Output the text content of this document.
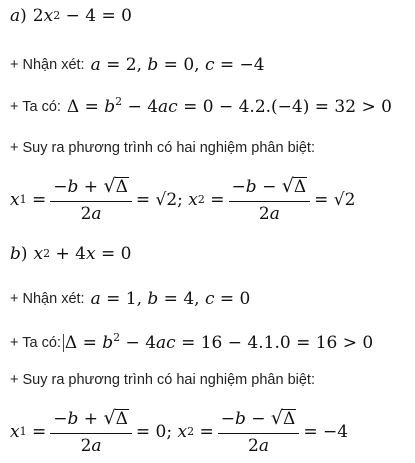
a ) 2 x 2 − 4 = 0
+ Nhận xét: a = 2, b = 0, c = −4
+ Ta có: $\Delta = b^2 - 4ac = 0 - 4.2.(-4) = 32 > 0$
+ Suy ra phương trình có hai nghiệm phân biệt:
x $1 = \frac{-b + √ \Delta}{2a} = √2$ ; x $2 = \frac{-b - √ \Delta}{2a} = √2$
b ) x 2 + 4 x = 0
+ Nhận xét: a = 1, b = 4, c = 0
+ Ta có: $\Delta = b^2 - 4ac = 16 - 4.1.0 = 16 > 0$
+ Suy ra phương trình có hai nghiệm phân biệt:
x $1 = \frac{-b + √ \Delta}{2a} = 0$ ; x $2 = \frac{-b - √ \Delta}{2a} = -4$
